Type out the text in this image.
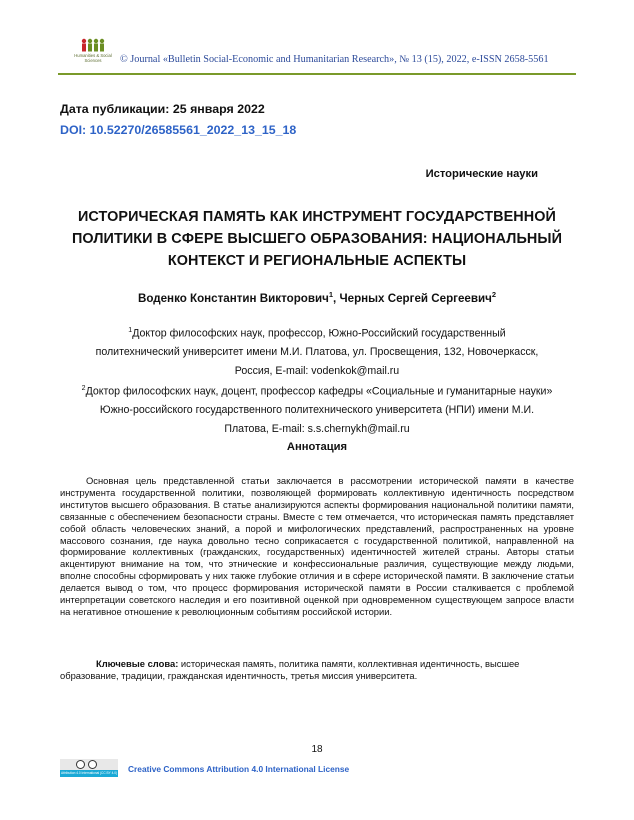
Humanities & Social
Sciences	© Journal «Bulletin Social-Economic and Humanitarian Research», № 13 (15), 2022, e-ISSN 2658-5561
Дата публикации: 25 января 2022
DOI: 10.52270/26585561_2022_13_15_18
Исторические науки
ИСТОРИЧЕСКАЯ ПАМЯТЬ КАК ИНСТРУМЕНТ ГОСУДАРСТВЕННОЙ
ПОЛИТИКИ В СФЕРЕ ВЫСШЕГО ОБРАЗОВАНИЯ: НАЦИОНАЛЬНЫЙ
КОНТЕКСТ И РЕГИОНАЛЬНЫЕ АСПЕКТЫ
Воденко Константин Викторович$^1$, Черных Сергей Сергеевич$^2$
$^1$Доктор философских наук, профессор, Южно-Российский государственный
политехнический университет имени М.И. Платова, ул. Просвещения, 132, Новочеркасск,
Россия, E-mail: vodenkok@mail.ru
$^2$Доктор философских наук, доцент, профессор кафедры «Социальные и гуманитарные науки»
Южно-российского государственного политехнического университета (НПИ) имени М.И.
Платова, E-mail: s.s.chernykh@mail.ru
Аннотация

Основная цель представленной статьи заключается в рассмотрении исторической памяти в качестве инструмента государственной политики, позволяющей формировать коллективную идентичность посредством институтов высшего образования. В статье анализируются аспекты формирования национальной политики памяти, связанные с обеспечением безопасности страны. Вместе с тем отмечается, что историческая память представляет собой область человеческих знаний, а порой и мифологических представлений, распространенных на уровне массового сознания, где наука довольно тесно соприкасается с государственной политикой, направленной на формирование коллективных (гражданских, государственных) идентичностей жителей страны. Авторы статьи акцентируют внимание на том, что этнические и конфессиональные различия, существующие между людьми, вполне способны сформировать у них также глубокие отличия и в сфере исторической памяти. В заключение статьи делается вывод о том, что процесс формирования исторической памяти в России сталкивается с проблемой интерпретации советского наследия и его позитивной оценкой при одновременном существующем запросе власти на негативное отношение к революционным событиям российской истории.

Ключевые слова: историческая память, политика памяти, коллективная идентичность, высшее образование, традиции, гражданская идентичность, третья миссия университета.

18
Attribution 4.0 International (CC BY 4.0) Creative Commons Attribution 4.0 International License
